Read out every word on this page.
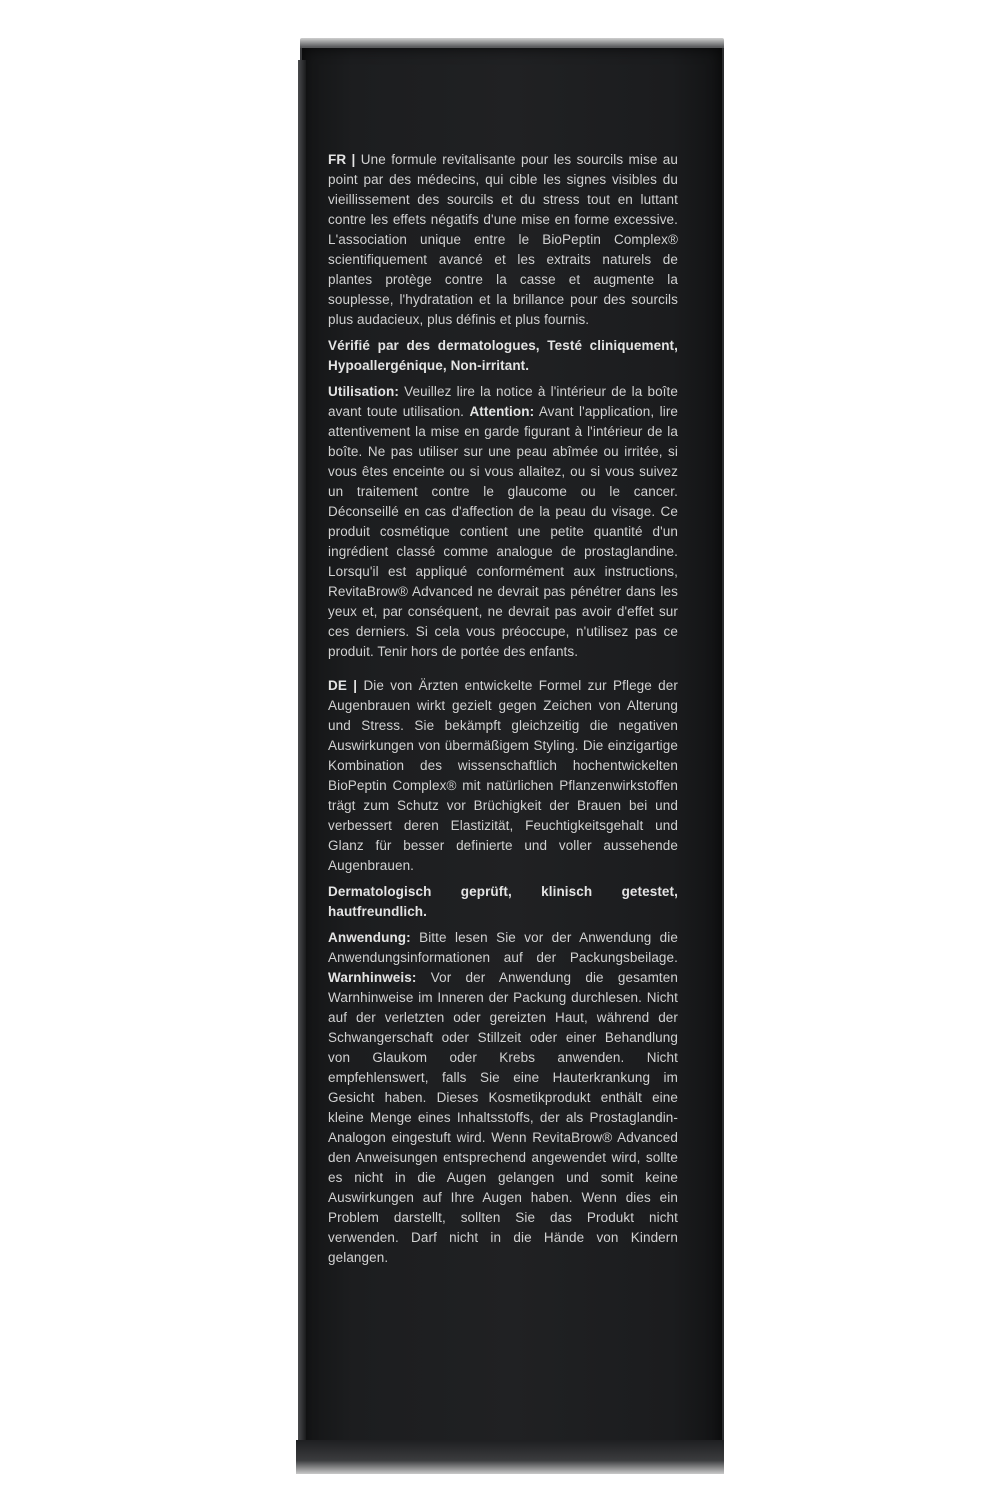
FR | Une formule revitalisante pour les sourcils mise au point par des médecins, qui cible les signes visibles du vieillissement des sourcils et du stress tout en luttant contre les effets négatifs d'une mise en forme excessive. L'association unique entre le BioPeptin Complex® scientifiquement avancé et les extraits naturels de plantes protège contre la casse et augmente la souplesse, l'hydratation et la brillance pour des sourcils plus audacieux, plus définis et plus fournis.

Vérifié par des dermatologues, Testé cliniquement, Hypoallergénique, Non-irritant.

Utilisation: Veuillez lire la notice à l'intérieur de la boîte avant toute utilisation. Attention: Avant l'application, lire attentivement la mise en garde figurant à l'intérieur de la boîte. Ne pas utiliser sur une peau abîmée ou irritée, si vous êtes enceinte ou si vous allaitez, ou si vous suivez un traitement contre le glaucome ou le cancer. Déconseillé en cas d'affection de la peau du visage. Ce produit cosmétique contient une petite quantité d'un ingrédient classé comme analogue de prostaglandine. Lorsqu'il est appliqué conformément aux instructions, RevitaBrow® Advanced ne devrait pas pénétrer dans les yeux et, par conséquent, ne devrait pas avoir d'effet sur ces derniers. Si cela vous préoccupe, n'utilisez pas ce produit. Tenir hors de portée des enfants.

DE | Die von Ärzten entwickelte Formel zur Pflege der Augenbrauen wirkt gezielt gegen Zeichen von Alterung und Stress. Sie bekämpft gleichzeitig die negativen Auswirkungen von übermäßigem Styling. Die einzigartige Kombination des wissenschaftlich hochentwickelten BioPeptin Complex® mit natürlichen Pflanzenwirkstoffen trägt zum Schutz vor Brüchigkeit der Brauen bei und verbessert deren Elastizität, Feuchtigkeitsgehalt und Glanz für besser definierte und voller aussehende Augenbrauen.

Dermatologisch geprüft, klinisch getestet, hautfreundlich.

Anwendung: Bitte lesen Sie vor der Anwendung die Anwendungsinformationen auf der Packungsbeilage. Warnhinweis: Vor der Anwendung die gesamten Warnhinweise im Inneren der Packung durchlesen. Nicht auf der verletzten oder gereizten Haut, während der Schwangerschaft oder Stillzeit oder einer Behandlung von Glaukom oder Krebs anwenden. Nicht empfehlenswert, falls Sie eine Hauterkrankung im Gesicht haben. Dieses Kosmetikprodukt enthält eine kleine Menge eines Inhaltsstoffs, der als Prostaglandin-Analogon eingestuft wird. Wenn RevitaBrow® Advanced den Anweisungen entsprechend angewendet wird, sollte es nicht in die Augen gelangen und somit keine Auswirkungen auf Ihre Augen haben. Wenn dies ein Problem darstellt, sollten Sie das Produkt nicht verwenden. Darf nicht in die Hände von Kindern gelangen.
